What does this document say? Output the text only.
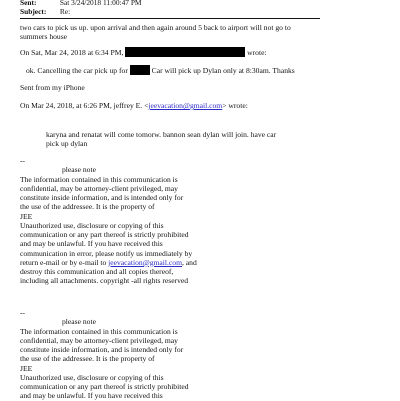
Sent:	Sat 3/24/2018 11:00:47 PM
Subject: Re:
two cars to pick us up. upon arrival and then again around 5 back to airport will not go to
summers house
On Sat, Mar 24, 2018 at 6:34 PM,	wrote:
ok. Cancelling the car pick up for	Car will pick up Dylan only at 8:30am. Thanks
Sent from my iPhone
On Mar 24, 2018, at 6:26 PM, jeffrey E. <jeevacation@gmail.com> wrote:
karyna and renatat will come tomorw. bannon sean dylan will join. have car
pick up dylan
--
please note
The information contained in this communication is
confidential, may be attorney-client privileged, may
constitute inside information, and is intended only for
the use of the addressee. It is the property of
JEE
Unauthorized use, disclosure or copying of this
communication or any part thereof is strictly prohibited
and may be unlawful. If you have received this
communication in error, please notify us immediately by
return e-mail or by e-mail to jeevacation@gmail.com, and
destroy this communication and all copies thereof,
including all attachments. copyright -all rights reserved
--
please note
The information contained in this communication is
confidential, may be attorney-client privileged, may
constitute inside information, and is intended only for
the use of the addressee. It is the property of
JEE
Unauthorized use, disclosure or copying of this
communication or any part thereof is strictly prohibited
and may be unlawful. If you have received this
